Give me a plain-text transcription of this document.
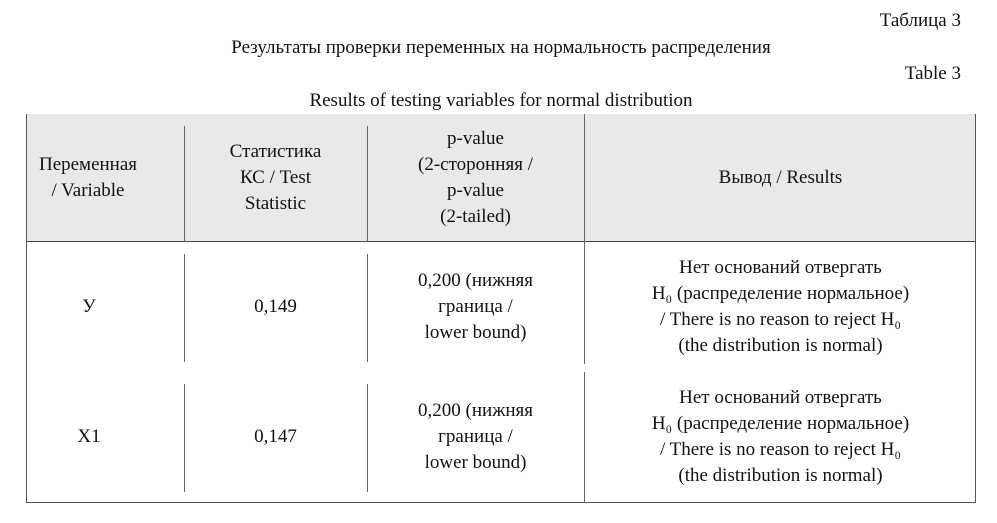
Таблица 3
Результаты проверки переменных на нормальность распределения
Table 3
Results of testing variables for normal distribution
Переменная
/ Variable
Статистика
КС / Test
Statistic
p-value
(2-сторонняя /
p-value
(2-tailed)
Вывод / Results
У	0,149
0,200 (нижняя
граница /
lower bound)
Нет оснований отвергать
H₀ (распределение нормальное)
/ There is no reason to reject H₀
(the distribution is normal)
X1	0,147
0,200 (нижняя
граница /
lower bound)
Нет оснований отвергать
H₀ (распределение нормальное)
/ There is no reason to reject H₀
(the distribution is normal)
